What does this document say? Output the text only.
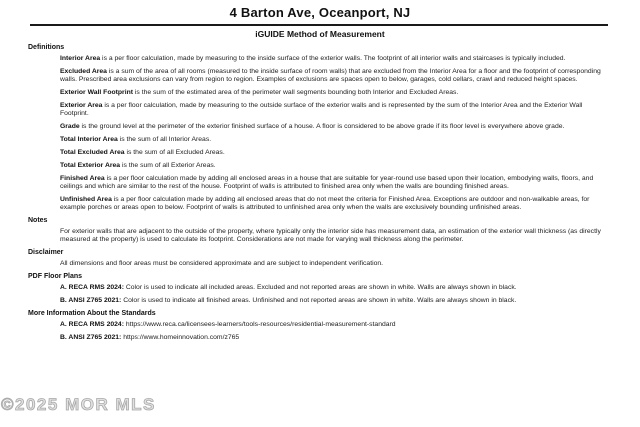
4 Barton Ave, Oceanport, NJ
iGUIDE Method of Measurement
Definitions
Interior Area is a per floor calculation, made by measuring to the inside surface of the exterior walls. The footprint of all interior walls and staircases is typically included.
Excluded Area is a sum of the area of all rooms (measured to the inside surface of room walls) that are excluded from the Interior Area for a floor and the footprint of corresponding walls. Prescribed area exclusions can vary from region to region. Examples of exclusions are spaces open to below, garages, cold cellars, crawl and reduced height spaces.
Exterior Wall Footprint is the sum of the estimated area of the perimeter wall segments bounding both Interior and Excluded Areas.
Exterior Area is a per floor calculation, made by measuring to the outside surface of the exterior walls and is represented by the sum of the Interior Area and the Exterior Wall Footprint.
Grade is the ground level at the perimeter of the exterior finished surface of a house. A floor is considered to be above grade if its floor level is everywhere above grade.
Total Interior Area is the sum of all Interior Areas.
Total Excluded Area is the sum of all Excluded Areas.
Total Exterior Area is the sum of all Exterior Areas.
Finished Area is a per floor calculation made by adding all enclosed areas in a house that are suitable for year-round use based upon their location, embodying walls, floors, and ceilings and which are similar to the rest of the house. Footprint of walls is attributed to finished area only when the walls are bounding finished areas.
Unfinished Area is a per floor calculation made by adding all enclosed areas that do not meet the criteria for Finished Area. Exceptions are outdoor and non-walkable areas, for example porches or areas open to below. Footprint of walls is attributed to unfinished area only when the walls are exclusively bounding unfinished areas.
Notes
For exterior walls that are adjacent to the outside of the property, where typically only the interior side has measurement data, an estimation of the exterior wall thickness (as directly measured at the property) is used to calculate its footprint. Considerations are not made for varying wall thickness along the perimeter.
Disclaimer
All dimensions and floor areas must be considered approximate and are subject to independent verification.
PDF Floor Plans
A. RECA RMS 2024: Color is used to indicate all included areas. Excluded and not reported areas are shown in white. Walls are always shown in black.
B. ANSI Z765 2021: Color is used to indicate all finished areas. Unfinished and not reported areas are shown in white. Walls are always shown in black.
More Information About the Standards
A. RECA RMS 2024: https://www.reca.ca/licensees-learners/tools-resources/residential-measurement-standard
B. ANSI Z765 2021: https://www.homeinnovation.com/z765
©2025 MOR MLS
